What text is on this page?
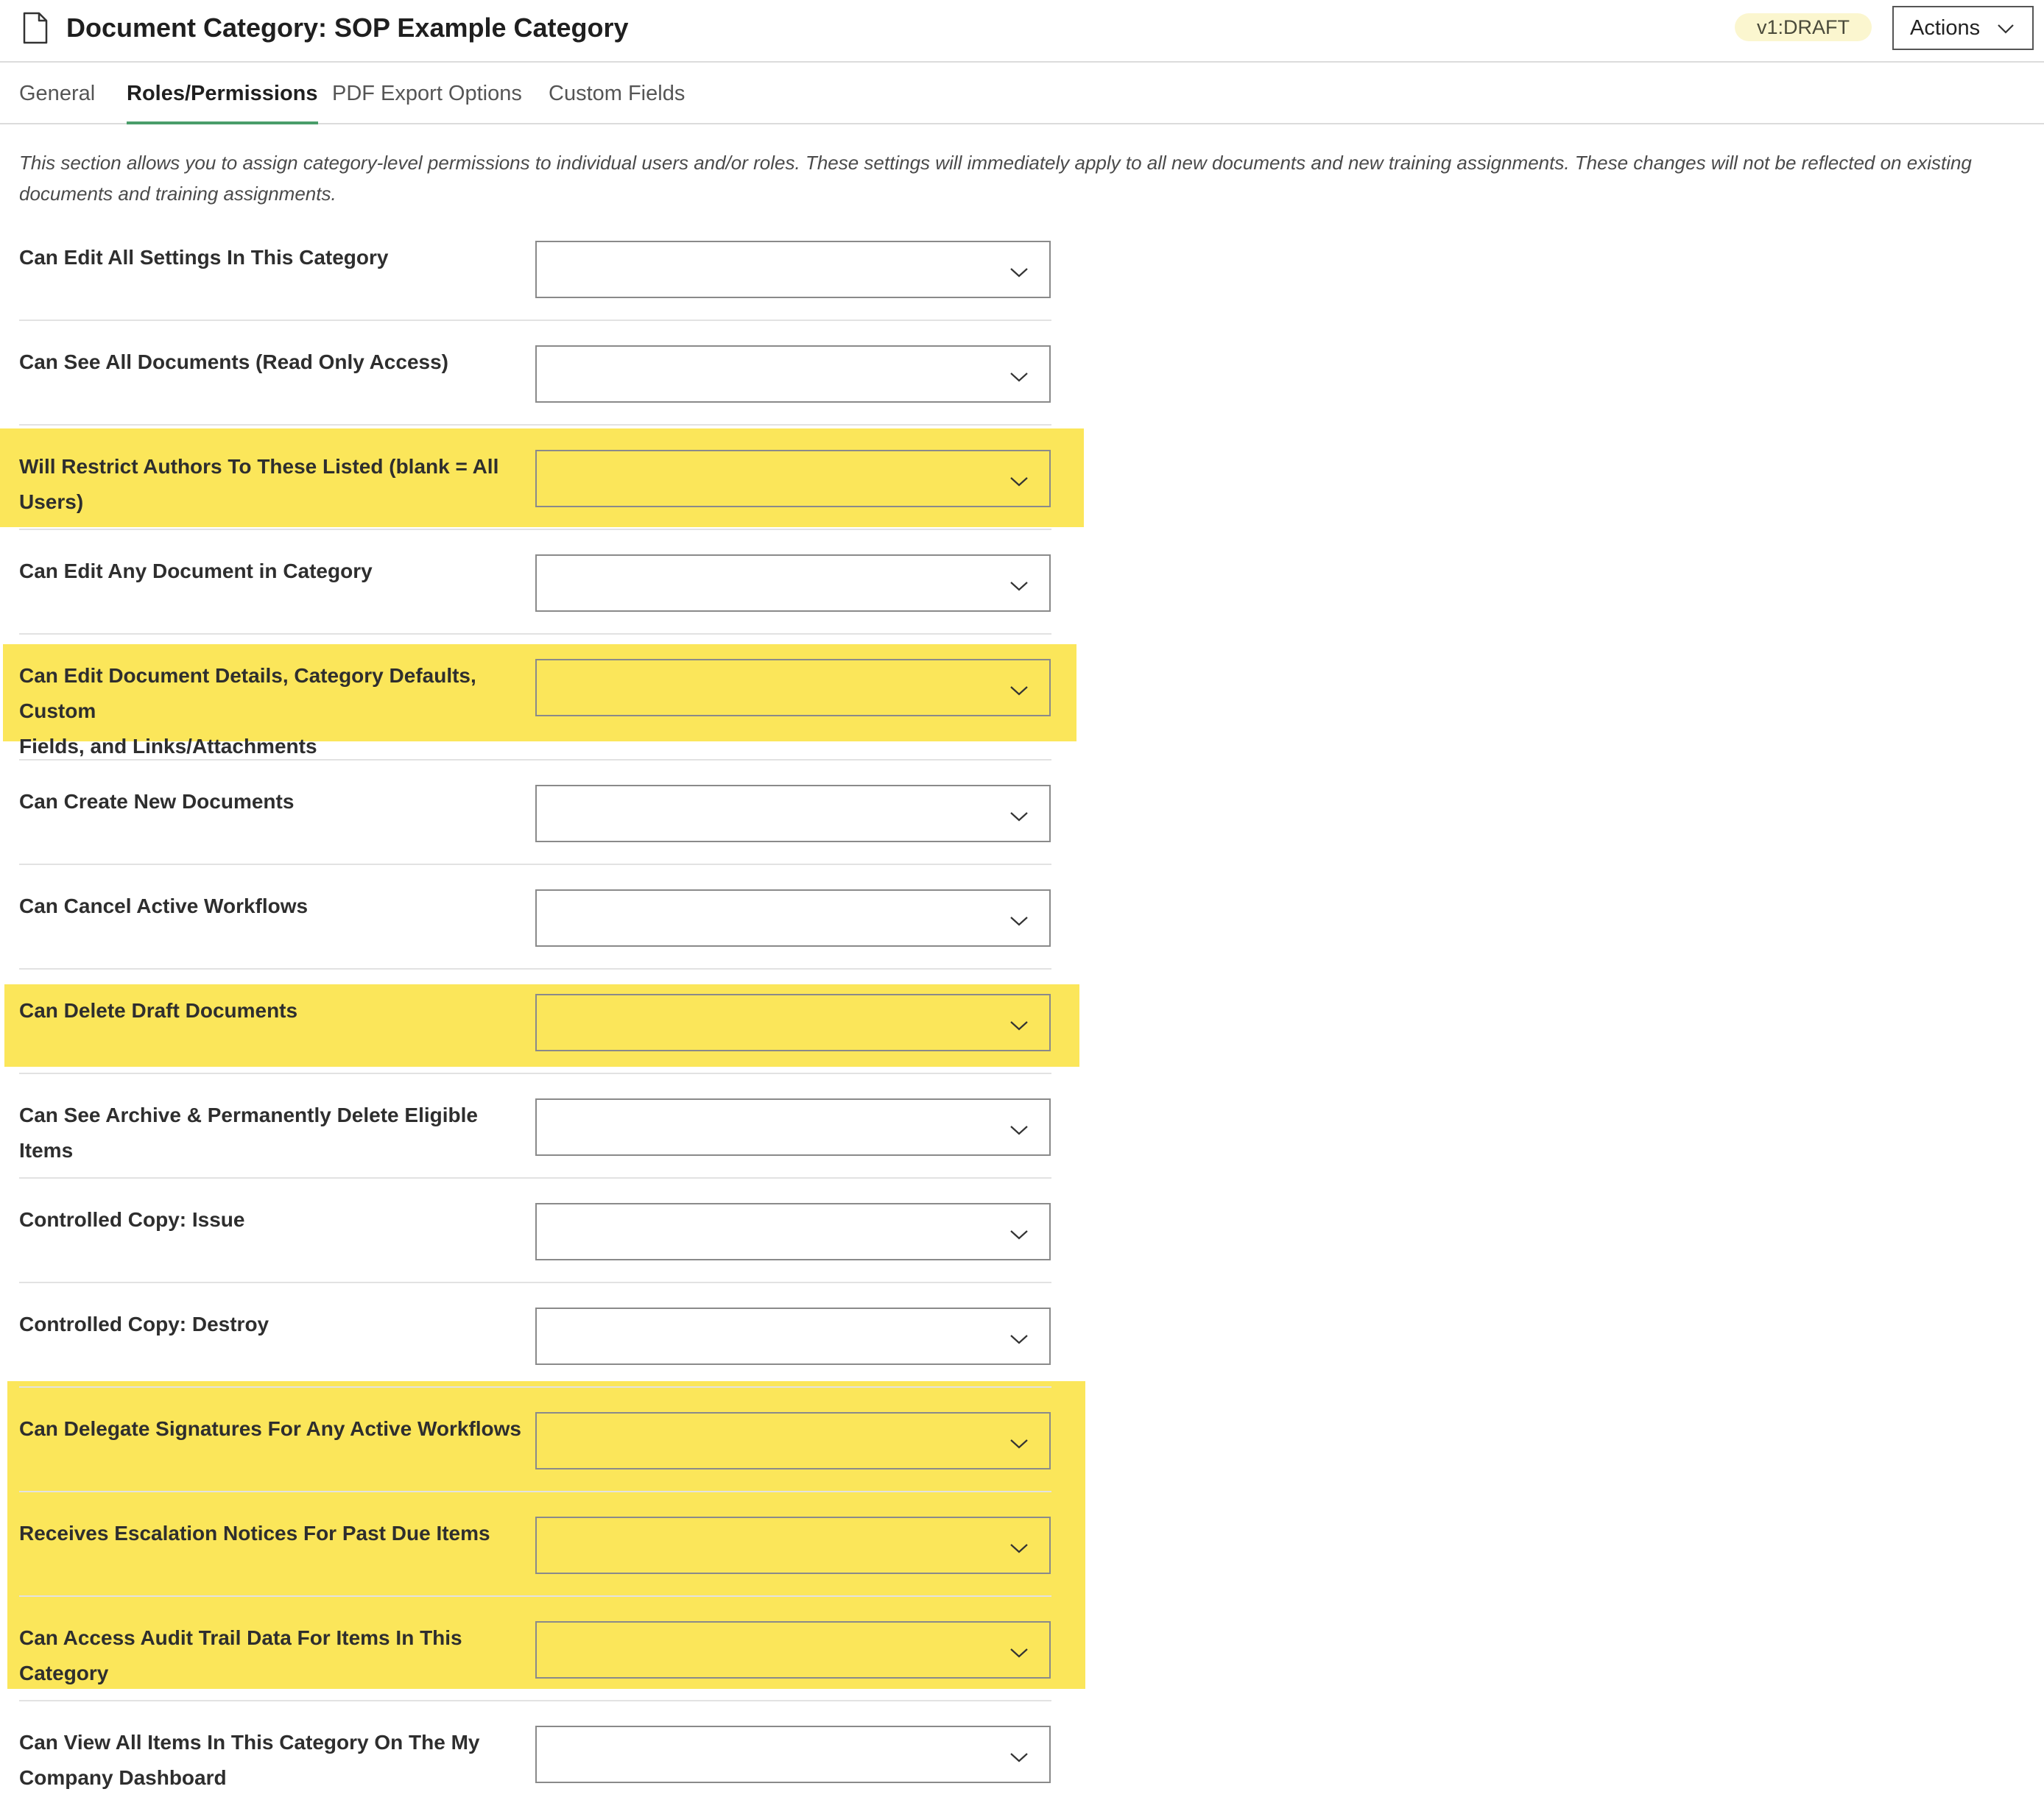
Document Category: SOP Example Category	v1:DRAFT	Actions
General Roles/Permissions PDF Export Options Custom Fields
This section allows you to assign category-level permissions to individual users and/or roles. These settings will immediately apply to all new documents and new training assignments. These changes will not be reflected on existing documents and training assignments.
Can Edit All Settings In This Category
Can See All Documents (Read Only Access)
Will Restrict Authors To These Listed (blank = All Users)
Can Edit Any Document in Category
Can Edit Document Details, Category Defaults, Custom
Fields, and Links/Attachments
Can Create New Documents
Can Cancel Active Workflows
Can Delete Draft Documents
Can See Archive & Permanently Delete Eligible Items
Controlled Copy: Issue
Controlled Copy: Destroy
Can Delegate Signatures For Any Active Workflows
Receives Escalation Notices For Past Due Items
Can Access Audit Trail Data For Items In This Category
Can View All Items In This Category On The My
Company Dashboard
